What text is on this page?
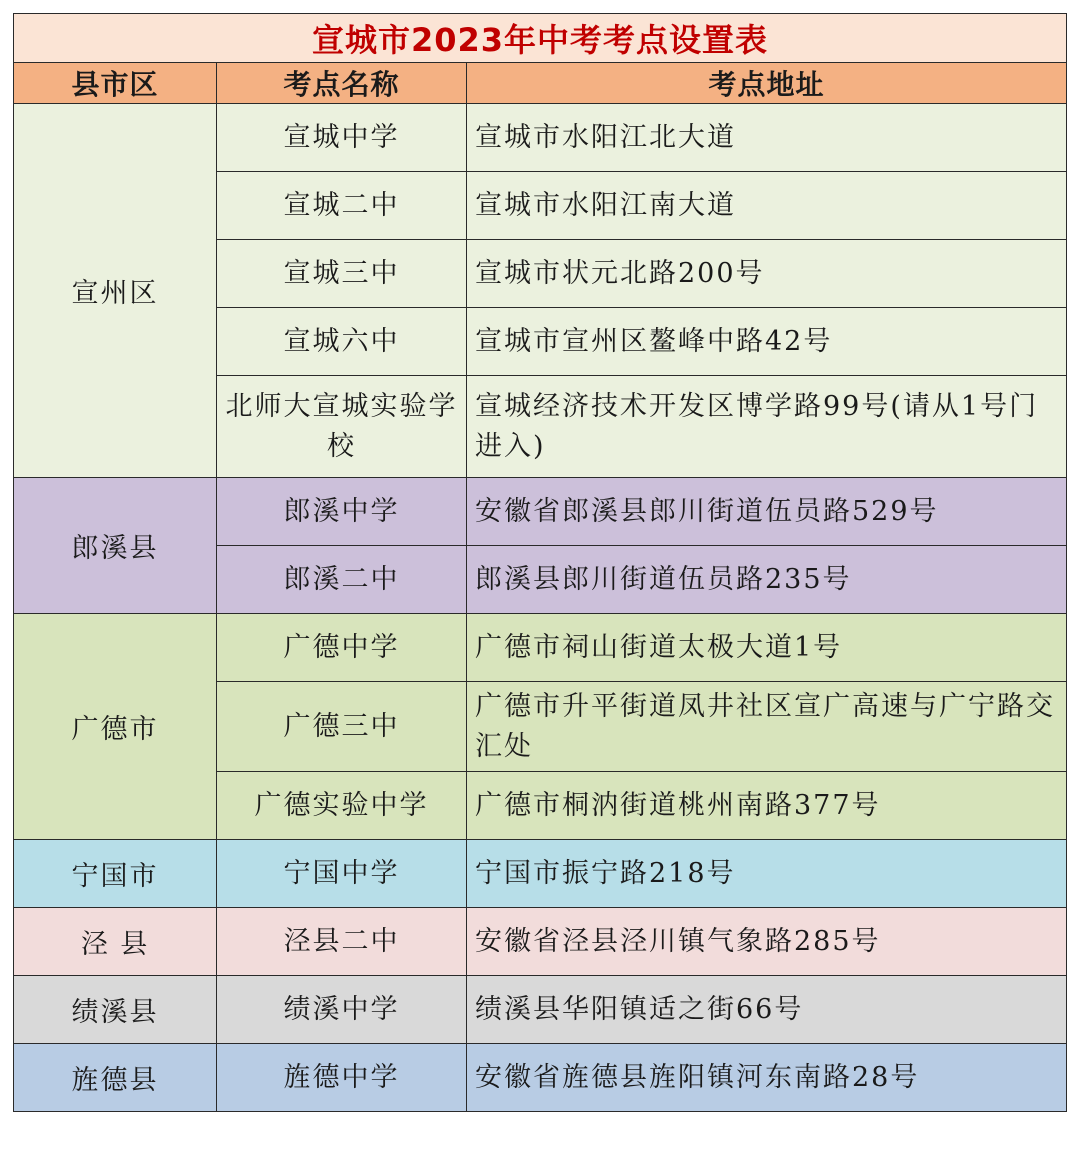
宣城市2023年中考考点设置表		
县市区	考点名称	考点地址
宣州区	宣城中学	宣城市水阳江北大道
	宣城二中	宣城市水阳江南大道
	宣城三中	宣城市状元北路200号
	宣城六中	宣城市宣州区鳌峰中路42号
	北师大宣城实验学校	宣城经济技术开发区博学路99号(请从1号门进入)
郎溪县	郎溪中学	安徽省郎溪县郎川街道伍员路529号
	郎溪二中	郎溪县郎川街道伍员路235号
广德市	广德中学	广德市祠山街道太极大道1号
	广德三中	广德市升平街道凤井社区宣广高速与广宁路交汇处
	广德实验中学	广德市桐汭街道桃州南路377号
宁国市	宁国中学	宁国市振宁路218号
泾 县	泾县二中	安徽省泾县泾川镇气象路285号
绩溪县	绩溪中学	绩溪县华阳镇适之街66号
旌德县	旌德中学	安徽省旌德县旌阳镇河东南路28号
